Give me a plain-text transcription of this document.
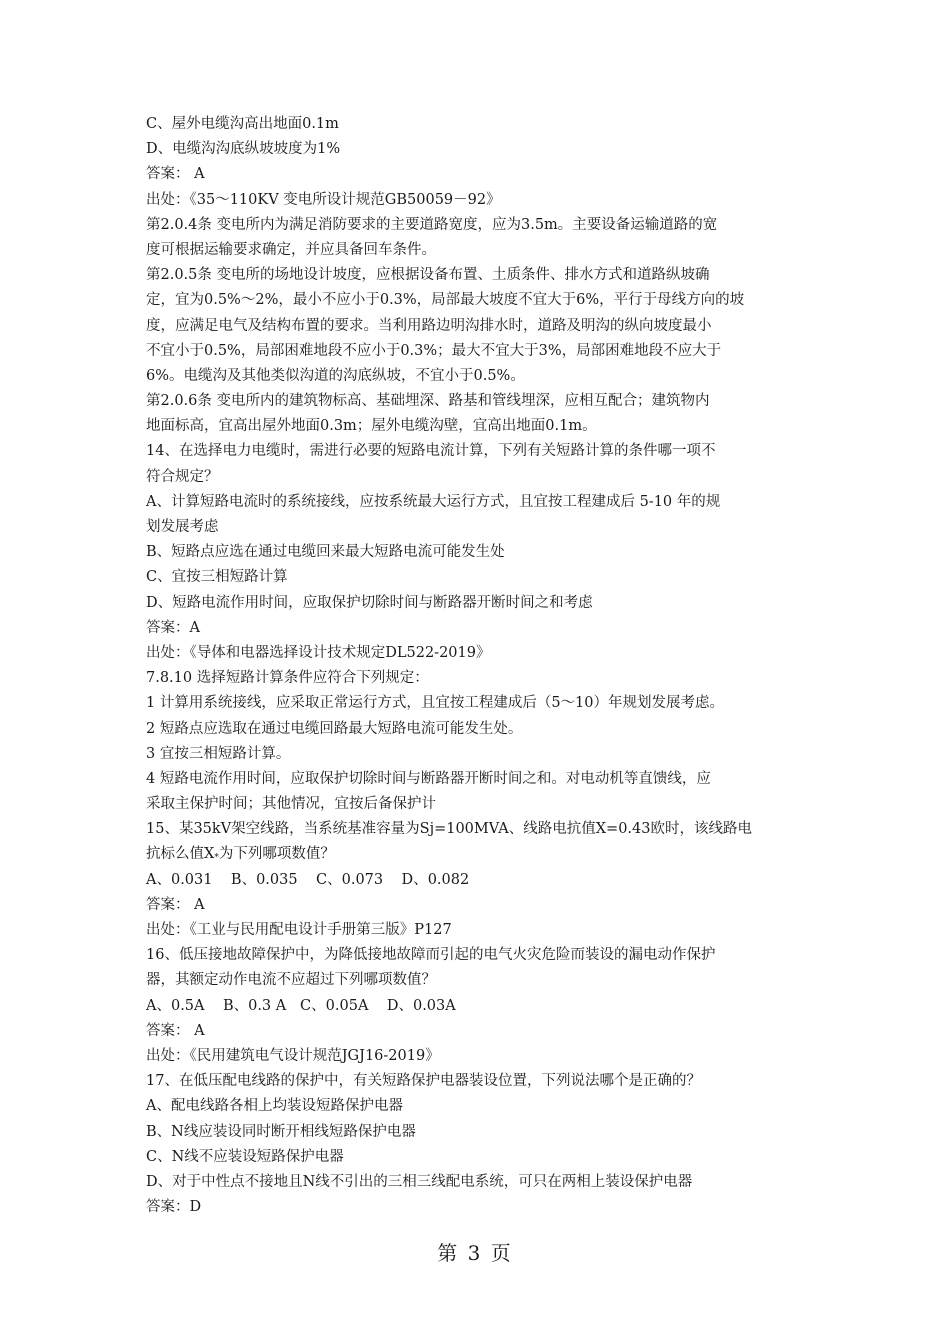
C、屋外电缆沟高出地面0.1m
D、电缆沟沟底纵坡坡度为1%
答案： A
出处：《35～110KV 变电所设计规范GB50059－92》
第2.0.4条 变电所内为满足消防要求的主要道路宽度，应为3.5m。主要设备运输道路的宽
度可根据运输要求确定，并应具备回车条件。
第2.0.5条 变电所的场地设计坡度，应根据设备布置、土质条件、排水方式和道路纵坡确
定，宜为0.5%～2%，最小不应小于0.3%，局部最大坡度不宜大于6%，平行于母线方向的坡
度，应满足电气及结构布置的要求。当利用路边明沟排水时，道路及明沟的纵向坡度最小
不宜小于0.5%，局部困难地段不应小于0.3%；最大不宜大于3%，局部困难地段不应大于
6%。电缆沟及其他类似沟道的沟底纵坡，不宜小于0.5%。
第2.0.6条 变电所内的建筑物标高、基础埋深、路基和管线埋深，应相互配合；建筑物内
地面标高，宜高出屋外地面0.3m；屋外电缆沟壁，宜高出地面0.1m。
14、在选择电力电缆时，需进行必要的短路电流计算，下列有关短路计算的条件哪一项不
符合规定？
A、计算短路电流时的系统接线，应按系统最大运行方式，且宜按工程建成后 5-10 年的规
划发展考虑
B、短路点应选在通过电缆回来最大短路电流可能发生处
C、宜按三相短路计算
D、短路电流作用时间，应取保护切除时间与断路器开断时间之和考虑
答案：A
出处：《导体和电器选择设计技术规定DL522-2019》
7.8.10 选择短路计算条件应符合下列规定：
1 计算用系统接线，应采取正常运行方式，且宜按工程建成后（5～10）年规划发展考虑。
2 短路点应选取在通过电缆回路最大短路电流可能发生处。
3 宜按三相短路计算。
4 短路电流作用时间，应取保护切除时间与断路器开断时间之和。对电动机等直馈线，应
采取主保护时间；其他情况，宜按后备保护计
15、某35kV架空线路，当系统基准容量为Sj=100MVA、线路电抗值X=0.43欧时，该线路电
抗标么值$X_*$为下列哪项数值？
A、0.031    B、0.035    C、0.073    D、0.082
答案： A
出处：《工业与民用配电设计手册第三版》P127
16、低压接地故障保护中，为降低接地故障而引起的电气火灾危险而装设的漏电动作保护
器，其额定动作电流不应超过下列哪项数值？
A、0.5A    B、0.3 A   C、0.05A    D、0.03A
答案： A
出处：《民用建筑电气设计规范JGJ16-2019》
17、在低压配电线路的保护中，有关短路保护电器装设位置，下列说法哪个是正确的？
A、配电线路各相上均装设短路保护电器
B、N线应装设同时断开相线短路保护电器
C、N线不应装设短路保护电器
D、对于中性点不接地且N线不引出的三相三线配电系统，可只在两相上装设保护电器
答案：D
第 3 页
